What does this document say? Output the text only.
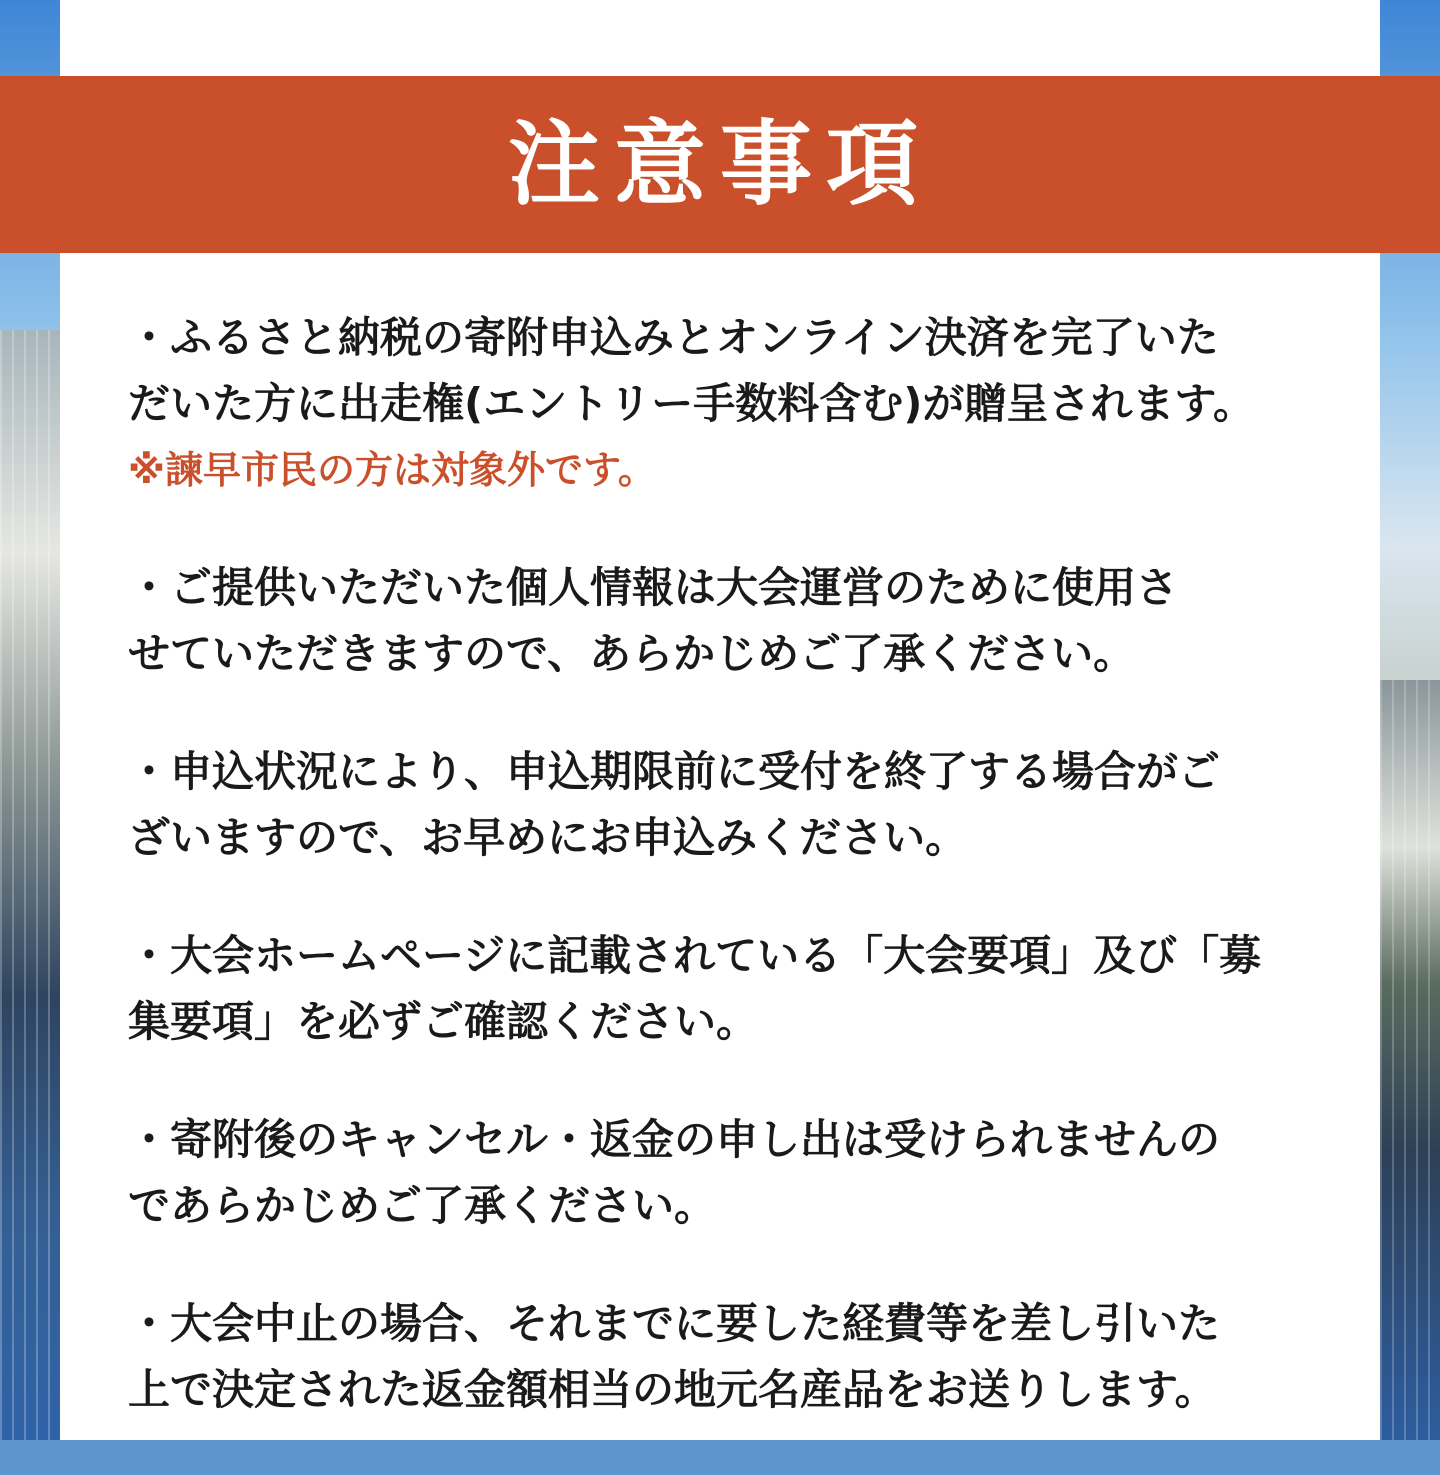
注意事項
・ふるさと納税の寄附申込みとオンライン決済を完了いた
だいた方に出走権(エントリー手数料含む)が贈呈されます。
※諫早市民の方は対象外です。
・ご提供いただいた個人情報は大会運営のために使用さ
せていただきますので、あらかじめご了承ください。
・申込状況により、申込期限前に受付を終了する場合がご
ざいますので、お早めにお申込みください。
・大会ホームページに記載されている「大会要項」及び「募
集要項」を必ずご確認ください。
・寄附後のキャンセル・返金の申し出は受けられませんの
であらかじめご了承ください。
・大会中止の場合、それまでに要した経費等を差し引いた
上で決定された返金額相当の地元名産品をお送りします。
